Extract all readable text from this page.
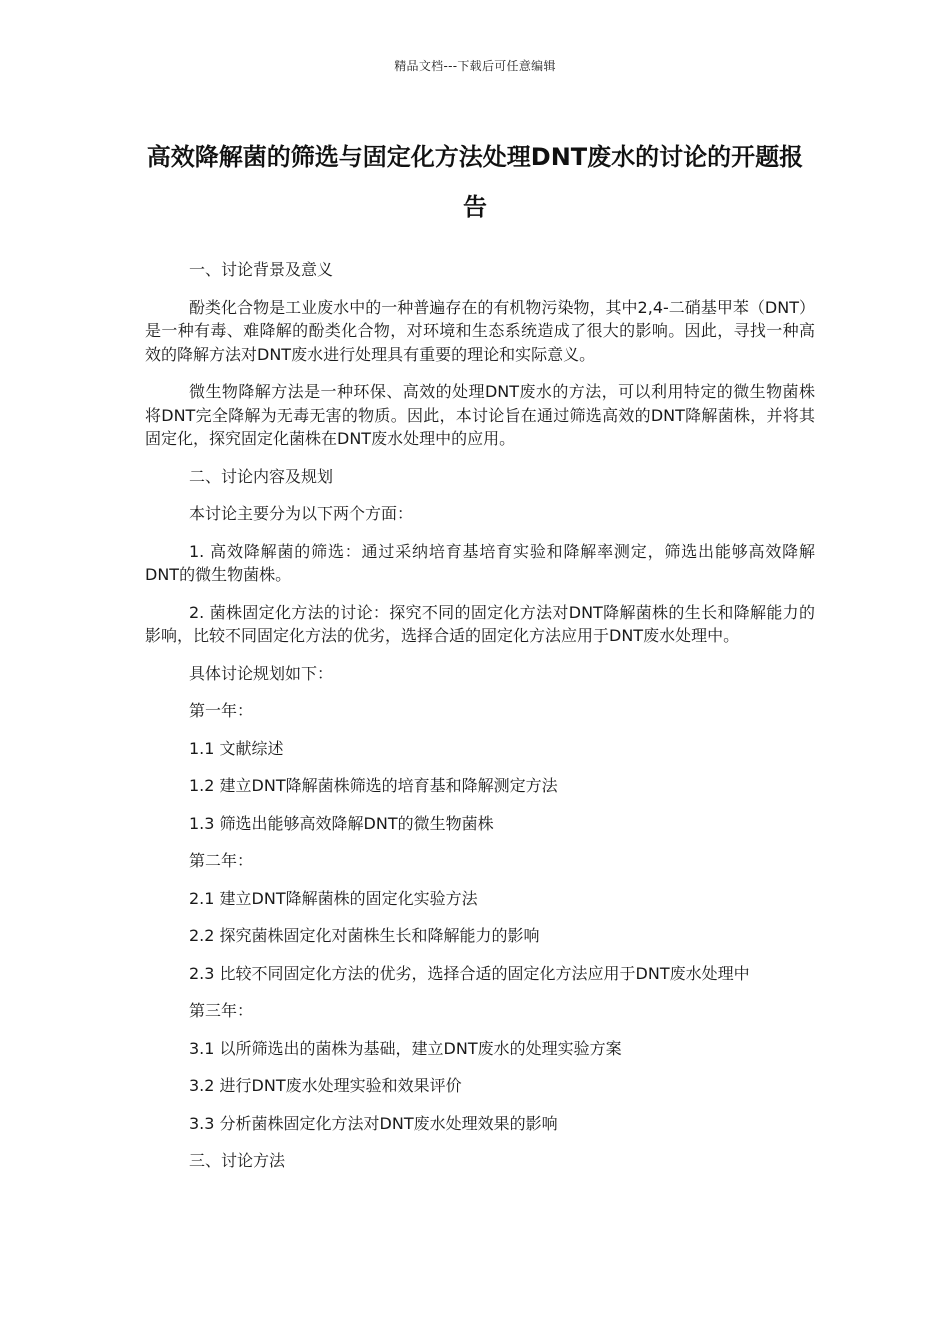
精品文档---下载后可任意编辑
高效降解菌的筛选与固定化方法处理DNT废水的讨论的开题报告

一、讨论背景及意义

酚类化合物是工业废水中的一种普遍存在的有机物污染物，其中2,4-二硝基甲苯（DNT）是一种有毒、难降解的酚类化合物，对环境和生态系统造成了很大的影响。因此，寻找一种高效的降解方法对DNT废水进行处理具有重要的理论和实际意义。

微生物降解方法是一种环保、高效的处理DNT废水的方法，可以利用特定的微生物菌株将DNT完全降解为无毒无害的物质。因此，本讨论旨在通过筛选高效的DNT降解菌株，并将其固定化，探究固定化菌株在DNT废水处理中的应用。

二、讨论内容及规划

本讨论主要分为以下两个方面：

1. 高效降解菌的筛选：通过采纳培育基培育实验和降解率测定，筛选出能够高效降解DNT的微生物菌株。

2. 菌株固定化方法的讨论：探究不同的固定化方法对DNT降解菌株的生长和降解能力的影响，比较不同固定化方法的优劣，选择合适的固定化方法应用于DNT废水处理中。

具体讨论规划如下：

第一年：

1.1 文献综述

1.2 建立DNT降解菌株筛选的培育基和降解测定方法

1.3 筛选出能够高效降解DNT的微生物菌株

第二年：

2.1 建立DNT降解菌株的固定化实验方法

2.2 探究菌株固定化对菌株生长和降解能力的影响

2.3 比较不同固定化方法的优劣，选择合适的固定化方法应用于DNT废水处理中

第三年：

3.1 以所筛选出的菌株为基础，建立DNT废水的处理实验方案

3.2 进行DNT废水处理实验和效果评价

3.3 分析菌株固定化方法对DNT废水处理效果的影响

三、讨论方法
